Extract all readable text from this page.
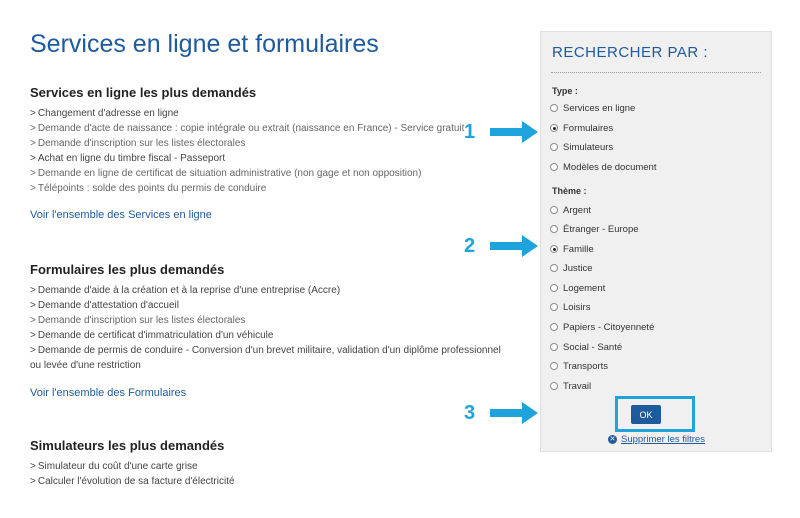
Services en ligne et formulaires
Services en ligne les plus demandés
> Changement d'adresse en ligne
> Demande d'acte de naissance : copie intégrale ou extrait (naissance en France) - Service gratuit
> Demande d'inscription sur les listes électorales
> Achat en ligne du timbre fiscal - Passeport
> Demande en ligne de certificat de situation administrative (non gage et non opposition)
> Télépoints : solde des points du permis de conduire
Voir l'ensemble des Services en ligne
Formulaires les plus demandés
> Demande d'aide à la création et à la reprise d'une entreprise (Accre)
> Demande d'attestation d'accueil
> Demande d'inscription sur les listes électorales
> Demande de certificat d'immatriculation d'un véhicule
> Demande de permis de conduire - Conversion d'un brevet militaire, validation d'un diplôme professionnel ou levée d'une restriction
Voir l'ensemble des Formulaires
Simulateurs les plus demandés
> Simulateur du coût d'une carte grise
> Calculer l'évolution de sa facture d'électricité
RECHERCHER PAR :
Type :
Services en ligne
Formulaires
Simulateurs
Modèles de document
Thème :
Argent
Étranger - Europe
Famille
Justice
Logement
Loisirs
Papiers - Citoyenneté
Social - Santé
Transports
Travail
OK
✕ Supprimer les filtres
1
2
3
